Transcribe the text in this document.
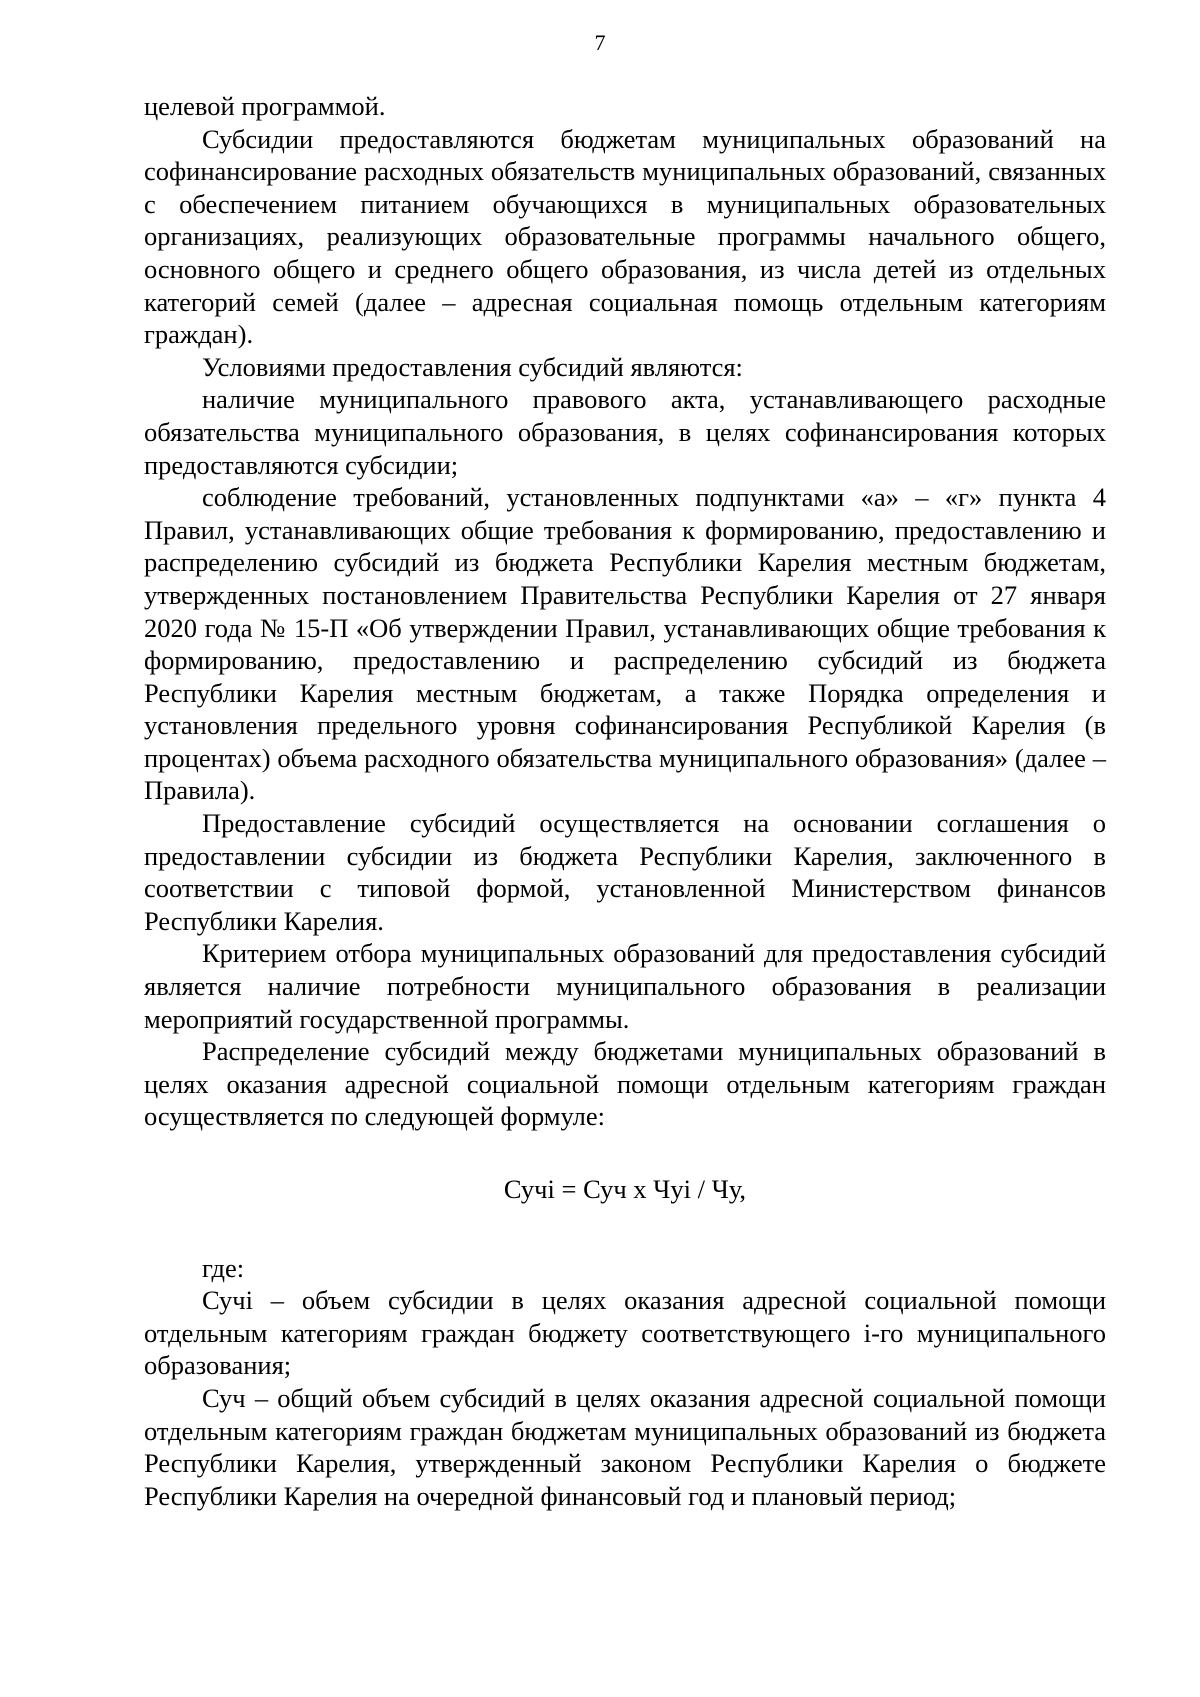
7

целевой программой.

Субсидии предоставляются бюджетам муниципальных образований на софинансирование расходных обязательств муниципальных образований, связанных с обеспечением питанием обучающихся в муниципальных образовательных организациях, реализующих образовательные программы начального общего, основного общего и среднего общего образования, из числа детей из отдельных категорий семей (далее – адресная социальная помощь отдельным категориям граждан).

Условиями предоставления субсидий являются:

наличие муниципального правового акта, устанавливающего расходные обязательства муниципального образования, в целях софинансирования которых предоставляются субсидии;

соблюдение требований, установленных подпунктами «а» – «г» пункта 4 Правил, устанавливающих общие требования к формированию, предоставлению и распределению субсидий из бюджета Республики Карелия местным бюджетам, утвержденных постановлением Правительства Республики Карелия от 27 января 2020 года № 15-П «Об утверждении Правил, устанавливающих общие требования к формированию, предоставлению и распределению субсидий из бюджета Республики Карелия местным бюджетам, а также Порядка определения и установления предельного уровня софинансирования Республикой Карелия (в процентах) объема расходного обязательства муниципального образования» (далее – Правила).

Предоставление субсидий осуществляется на основании соглашения о предоставлении субсидии из бюджета Республики Карелия, заключенного в соответствии с типовой формой, установленной Министерством финансов Республики Карелия.

Критерием отбора муниципальных образований для предоставления субсидий является наличие потребности муниципального образования в реализации мероприятий государственной программы.

Распределение субсидий между бюджетами муниципальных образований в целях оказания адресной социальной помощи отдельным категориям граждан осуществляется по следующей формуле:

Сучi = Суч х Чуi / Чу,

где:

Сучi – объем субсидии в целях оказания адресной социальной помощи отдельным категориям граждан бюджету соответствующего i-го муниципального образования;

Суч – общий объем субсидий в целях оказания адресной социальной помощи отдельным категориям граждан бюджетам муниципальных образований из бюджета Республики Карелия, утвержденный законом Республики Карелия о бюджете Республики Карелия на очередной финансовый год и плановый период;
